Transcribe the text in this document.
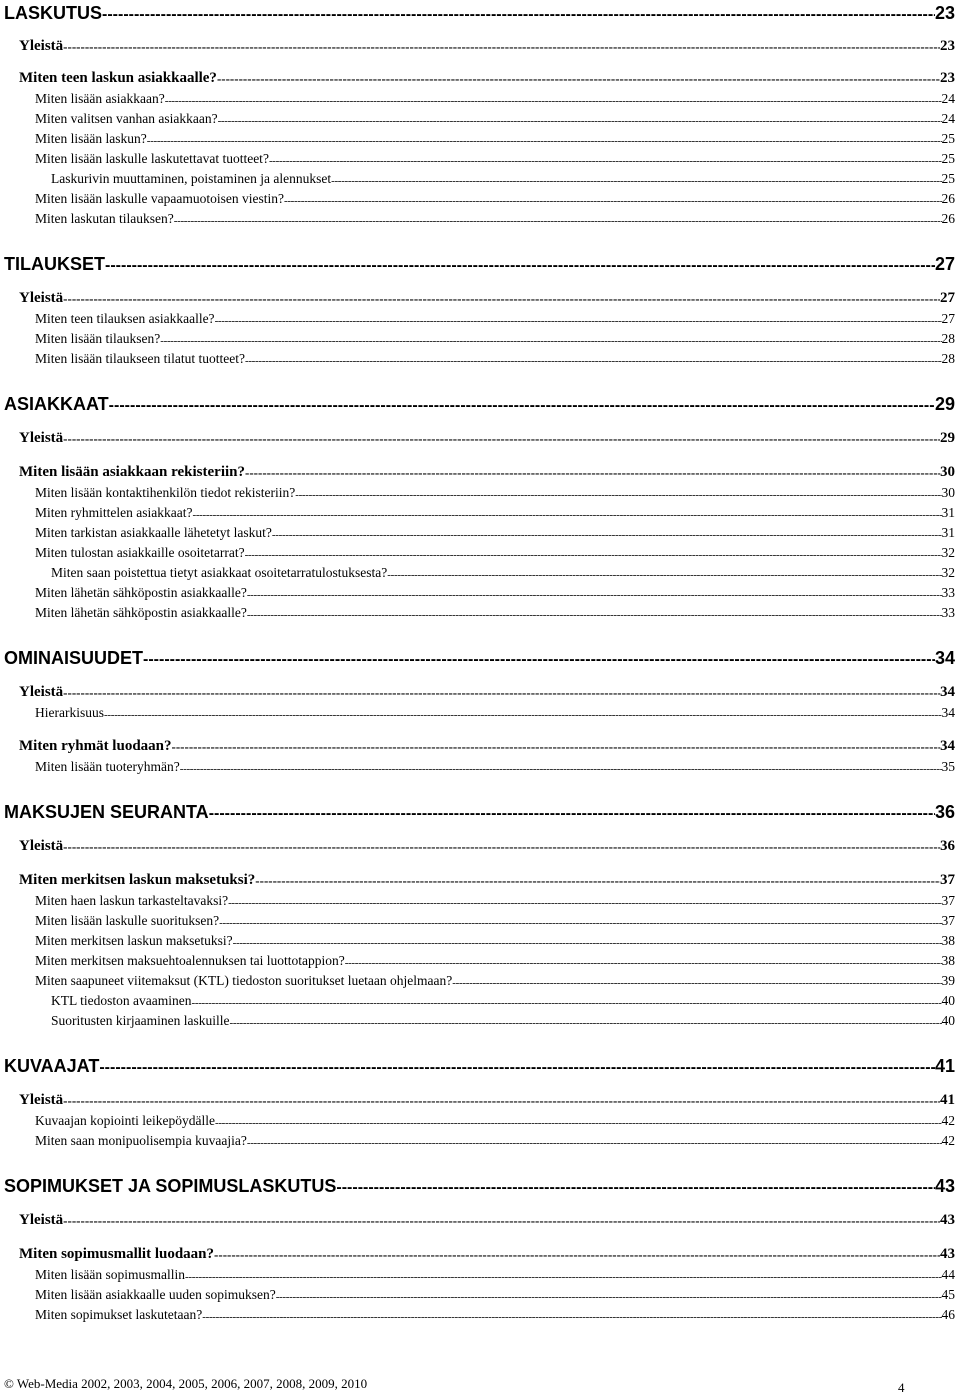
LASKUTUS -----	23
Yleistä -----	23
Miten teen laskun asiakkaalle? -----	23
Miten lisään asiakkaan? -----	24
Miten valitsen vanhan asiakkaan? -----	24
Miten lisään laskun? -----	25
Miten lisään laskulle laskutettavat tuotteet? -----	25
Laskurivin muuttaminen, poistaminen ja alennukset -----	25
Miten lisään laskulle vapaamuotoisen viestin? -----	26
Miten laskutan tilauksen? -----	26
TILAUKSET -----	27
Yleistä -----	27
Miten teen tilauksen asiakkaalle? -----	27
Miten lisään tilauksen? -----	28
Miten lisään tilaukseen tilatut tuotteet? -----	28
ASIAKKAAT -----	29
Yleistä -----	29
Miten lisään asiakkaan rekisteriin? -----	30
Miten lisään kontaktihenkilön tiedot rekisteriin? -----	30
Miten ryhmittelen asiakkaat? -----	31
Miten tarkistan asiakkaalle lähetetyt laskut? -----	31
Miten tulostan asiakkaille osoitetarrat? -----	32
Miten saan poistettua tietyt asiakkaat osoitetarratulostuksesta? -----	32
Miten lähetän sähköpostin asiakkaalle? -----	33
Miten lähetän sähköpostin asiakkaalle? -----	33
OMINAISUUDET -----	34
Yleistä -----	34
Hierarkisuus -----	34
Miten ryhmät luodaan? -----	34
Miten lisään tuoteryhmän? -----	35
MAKSUJEN SEURANTA -----	36
Yleistä -----	36
Miten merkitsen laskun maksetuksi? -----	37
Miten haen laskun tarkasteltavaksi? -----	37
Miten lisään laskulle suorituksen? -----	37
Miten merkitsen laskun maksetuksi? -----	38
Miten merkitsen maksuehtoalennuksen tai luottotappion? -----	38
Miten saapuneet viitemaksut (KTL) tiedoston suoritukset luetaan ohjelmaan? -----	39
KTL tiedoston avaaminen -----	40
Suoritusten kirjaaminen laskuille -----	40
KUVAAJAT -----	41
Yleistä -----	41
Kuvaajan kopiointi leikepöydälle -----	42
Miten saan monipuolisempia kuvaajia? -----	42
SOPIMUKSET JA SOPIMUSLASKUTUS -----	43
Yleistä -----	43
Miten sopimusmallit luodaan? -----	43
Miten lisään sopimusmallin -----	44
Miten lisään asiakkaalle uuden sopimuksen? -----	45
Miten sopimukset laskutetaan? -----	46
© Web-Media 2002, 2003, 2004, 2005, 2006, 2007, 2008, 2009, 2010	4
